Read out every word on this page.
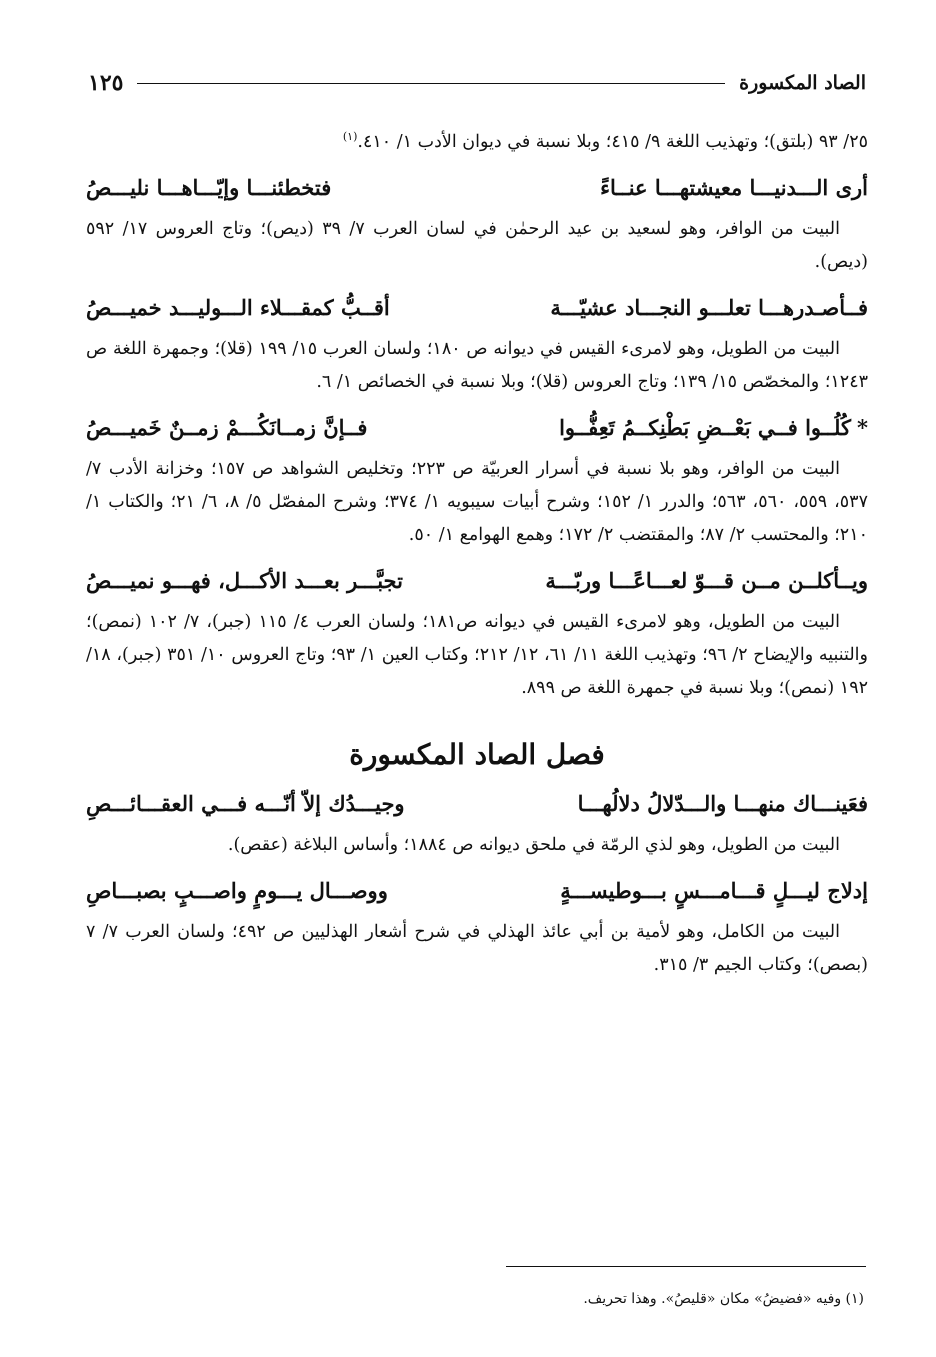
الصاد المكسورة
١٢٥
٢٥/ ٩٣ (بلتق)؛ وتهذيب اللغة ٩/ ٤١٥؛ وبلا نسبة في ديوان الأدب ١/ ٤١٠.$^{(١)}$
أرى الـــدنيـــا معيشتهـــا عنــاءً
فتخطئنـــا وإيّـــاهـــا نليـــصُ

البيت من الوافر، وهو لسعيد بن عيد الرحمٰن في لسان العرب ٧/ ٣٩ (ديص)؛ وتاج العروس ١٧/ ٥٩٢ (ديص).

فــأصـدرهـــا تعلـــو النجـــاد عشيّـــة
أقــبُّ كمقـــلاء الـــوليـــد خميـــصُ

البيت من الطويل، وهو لامرىء القيس في ديوانه ص ١٨٠؛ ولسان العرب ١٥/ ١٩٩ (قلا)؛ وجمهرة اللغة ص ١٢٤٣؛ والمخصّص ١٥/ ١٣٩؛ وتاج العروس (قلا)؛ وبلا نسبة في الخصائص ١/ ٦.

*كُلُــوا فــي بَعْــضِ بَطْنِكــمُ تَعِفُّــوا
فــإنَّ زمــانَكُـــمْ زمــنٌ خَميـــصُ

البيت من الوافر، وهو بلا نسبة في أسرار العربيّة ص ٢٢٣؛ وتخليص الشواهد ص ١٥٧؛ وخزانة الأدب ٧/ ٥٣٧، ٥٥٩، ٥٦٠، ٥٦٣؛ والدرر ١/ ١٥٢؛ وشرح أبيات سيبويه ١/ ٣٧٤؛ وشرح المفصّل ٥/ ٨، ٦/ ٢١؛ والكتاب ١/ ٢١٠؛ والمحتسب ٢/ ٨٧؛ والمقتضب ٢/ ١٧٢؛ وهمع الهوامع ١/ ٥٠.

ويــأكلــن مــن قـــوّ لعـــاعًـــا وربّـــة
تجبَّـــر بعـــد الأكـــل، فهـــو نميـــصُ

البيت من الطويل، وهو لامرىء القيس في ديوانه ص١٨١؛ ولسان العرب ٤/ ١١٥ (جبر)، ٧/ ١٠٢ (نمص)؛ والتنبيه والإيضاح ٢/ ٩٦؛ وتهذيب اللغة ١١/ ٦١، ١٢/ ٢١٢؛ وكتاب العين ١/ ٩٣؛ وتاج العروس ١٠/ ٣٥١ (جبر)، ١٨/ ١٩٢ (نمص)؛ وبلا نسبة في جمهرة اللغة ص ٨٩٩.

فصل الصاد المكسورة
فعَينـــاك منهـــا والـــدّلالُ دلالُهـــا
وجيـــدُك إلاّ أنّـــه فـــي العقـــائـــصِ

البيت من الطويل، وهو لذي الرمّة في ملحق ديوانه ص ١٨٨٤؛ وأساس البلاغة (عقص).

إدلاج ليـــلٍ قـــامـــسٍ بـــوطيســـةٍ
ووصـــال يـــومٍ واصـــبٍ بصبـــاصِ

البيت من الكامل، وهو لأمية بن أبي عائذ الهذلي في شرح أشعار الهذليين ص ٤٩٢؛ ولسان العرب ٧/ ٧ (بصص)؛ وكتاب الجيم ٣/ ٣١٥.

(١) وفيه «فضيضُ» مكان «قليصُ». وهذا تحريف.
